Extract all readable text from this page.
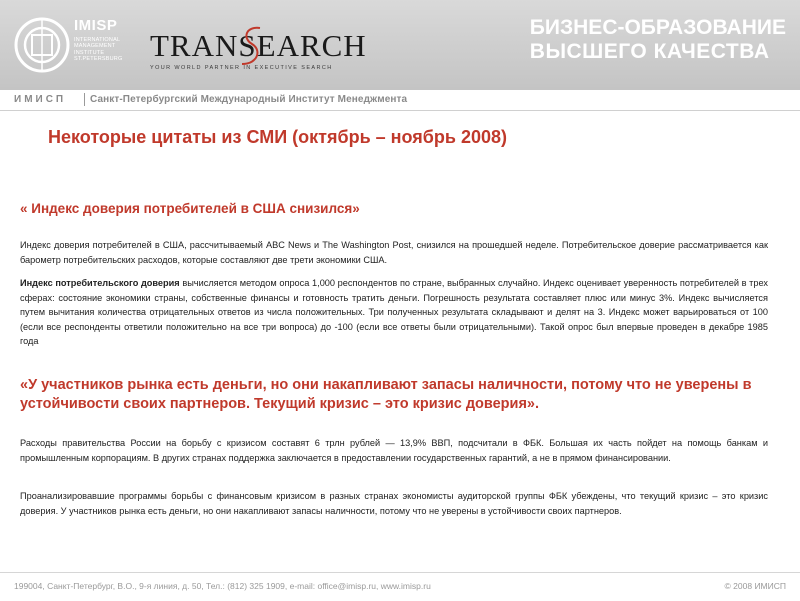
IMISP
INTERNATIONAL
MANAGEMENT
INSTITUTE
ST.PETERSBURG TRANSEARCH
YOUR WORLD PARTNER IN EXECUTIVE SEARCH
БИЗНЕС-ОБРАЗОВАНИЕ
ВЫСШЕГО КАЧЕСТВА
ИМИСП Санкт-Петербургский Международный Институт Менеджмента
Некоторые цитаты из СМИ (октябрь – ноябрь 2008)
« Индекс доверия потребителей в США снизился»

Индекс доверия потребителей в США, рассчитываемый ABC News и The Washington Post, снизился на прошедшей неделе. Потребительское доверие рассматривается как барометр потребительских расходов, которые составляют две трети экономики США.

Индекс потребительского доверия вычисляется методом опроса 1,000 респондентов по стране, выбранных случайно. Индекс оценивает уверенность потребителей в трех сферах: состояние экономики страны, собственные финансы и готовность тратить деньги. Погрешность результата составляет плюс или минус 3%. Индекс вычисляется путем вычитания количества отрицательных ответов из числа положительных. Три полученных результата складывают и делят на 3. Индекс может варьироваться от 100 (если все респонденты ответили положительно на все три вопроса) до -100 (если все ответы были отрицательными). Такой опрос был впервые проведен в декабре 1985 года

«У участников рынка есть деньги, но они накапливают запасы наличности, потому что не уверены в устойчивости своих партнеров. Текущий кризис – это кризис доверия».

Расходы правительства России на борьбу с кризисом составят 6 трлн рублей — 13,9% ВВП, подсчитали в ФБК. Большая их часть пойдет на помощь банкам и промышленным корпорациям. В других странах поддержка заключается в предоставлении государственных гарантий, а не в прямом финансировании.

Проанализировавшие программы борьбы с финансовым кризисом в разных странах экономисты аудиторской группы ФБК убеждены, что текущий кризис – это кризис доверия. У участников рынка есть деньги, но они накапливают запасы наличности, потому что не уверены в устойчивости своих партнеров.

199004, Санкт-Петербург, В.О., 9-я линия, д. 50, Тел.: (812) 325 1909, e-mail: office@imisp.ru, www.imisp.ru	© 2008 ИМИСП
